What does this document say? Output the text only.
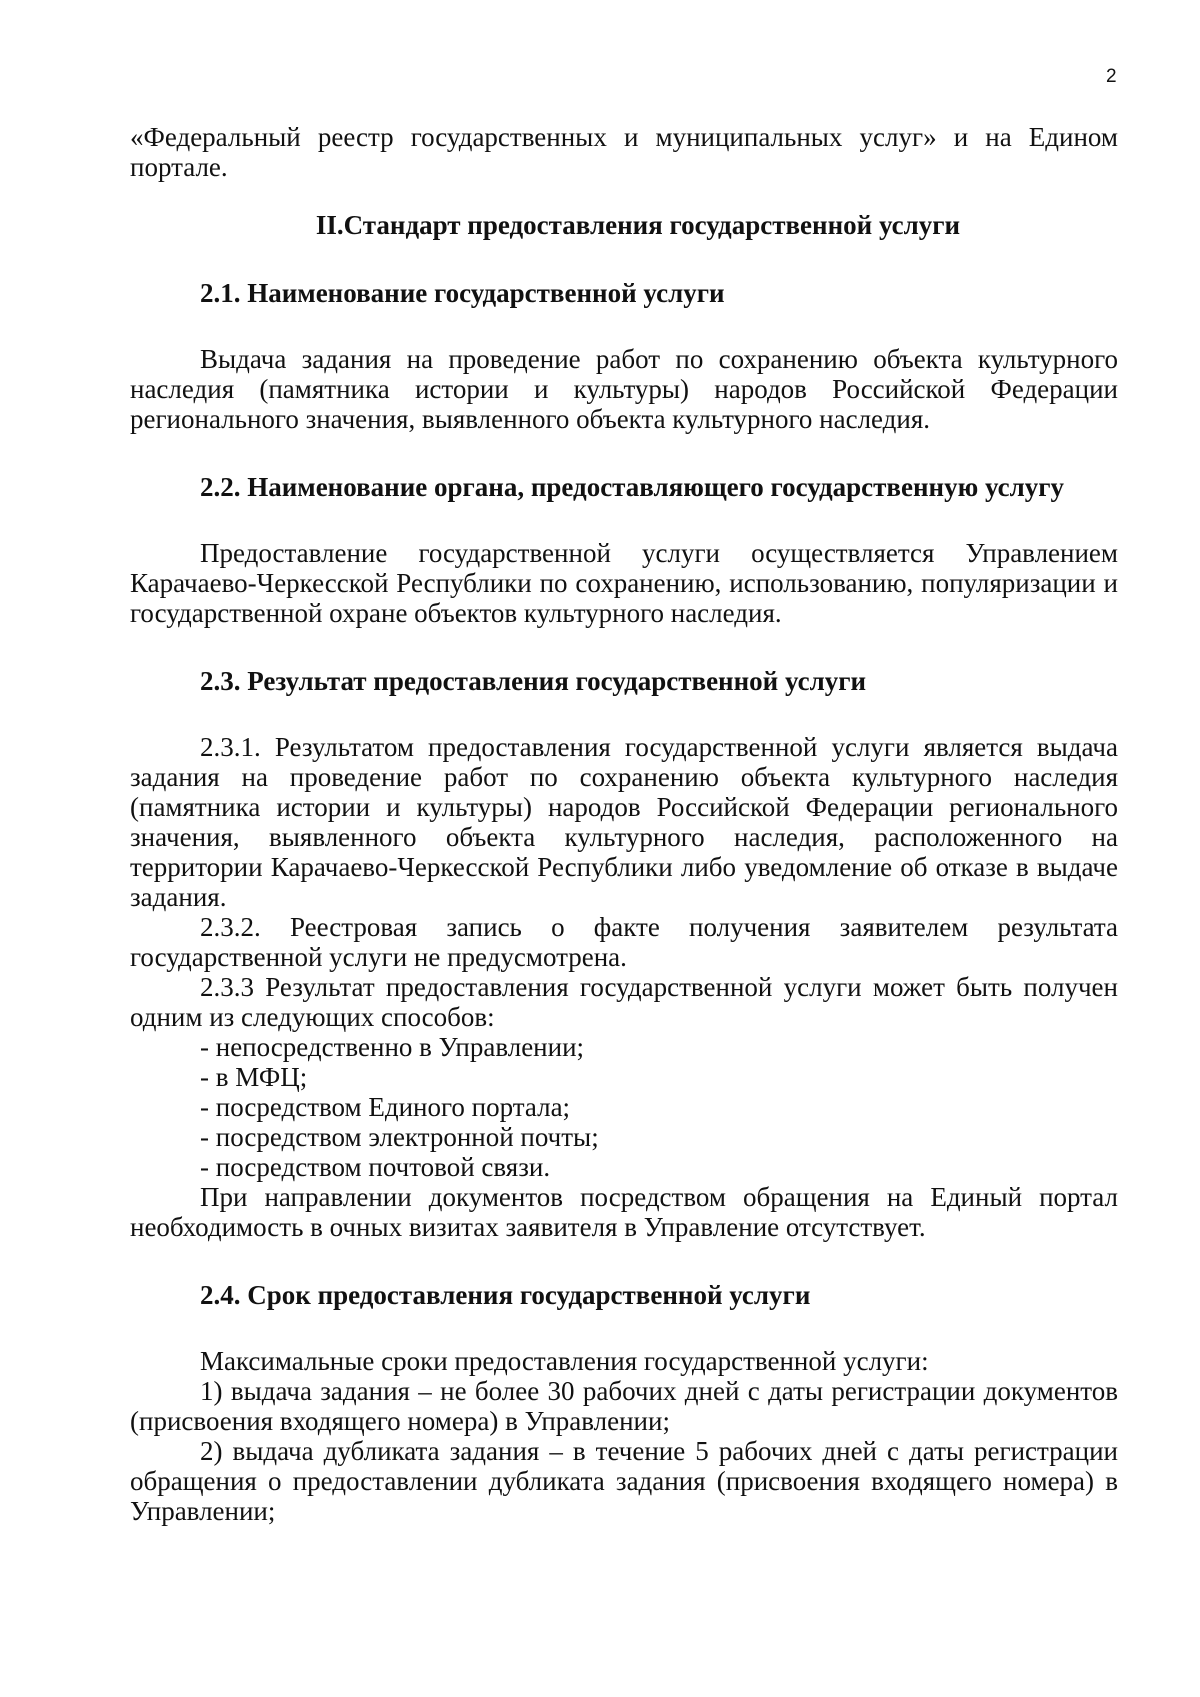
2

«Федеральный реестр государственных и муниципальных услуг» и на Едином портале.

II.Стандарт предоставления государственной услуги

2.1. Наименование государственной услуги

Выдача задания на проведение работ по сохранению объекта культурного наследия (памятника истории и культуры) народов Российской Федерации регионального значения, выявленного объекта культурного наследия.

2.2. Наименование органа, предоставляющего государственную услугу

Предоставление государственной услуги осуществляется Управлением Карачаево-Черкесской Республики по сохранению, использованию, популяризации и государственной охране объектов культурного наследия.

2.3. Результат предоставления государственной услуги

2.3.1. Результатом предоставления государственной услуги является выдача задания на проведение работ по сохранению объекта культурного наследия (памятника истории и культуры) народов Российской Федерации регионального значения, выявленного объекта культурного наследия, расположенного на территории Карачаево-Черкесской Республики либо уведомление об отказе в выдаче задания.

2.3.2. Реестровая запись о факте получения заявителем результата государственной услуги не предусмотрена.

2.3.3 Результат предоставления государственной услуги может быть получен одним из следующих способов:

- непосредственно в Управлении;
- в МФЦ;
- посредством Единого портала;
- посредством электронной почты;
- посредством почтовой связи.

При направлении документов посредством обращения на Единый портал необходимость в очных визитах заявителя в Управление отсутствует.

2.4. Срок предоставления государственной услуги

Максимальные сроки предоставления государственной услуги:

1) выдача задания – не более 30 рабочих дней с даты регистрации документов (присвоения входящего номера) в Управлении;

2) выдача дубликата задания – в течение 5 рабочих дней с даты регистрации обращения о предоставлении дубликата задания (присвоения входящего номера) в Управлении;
